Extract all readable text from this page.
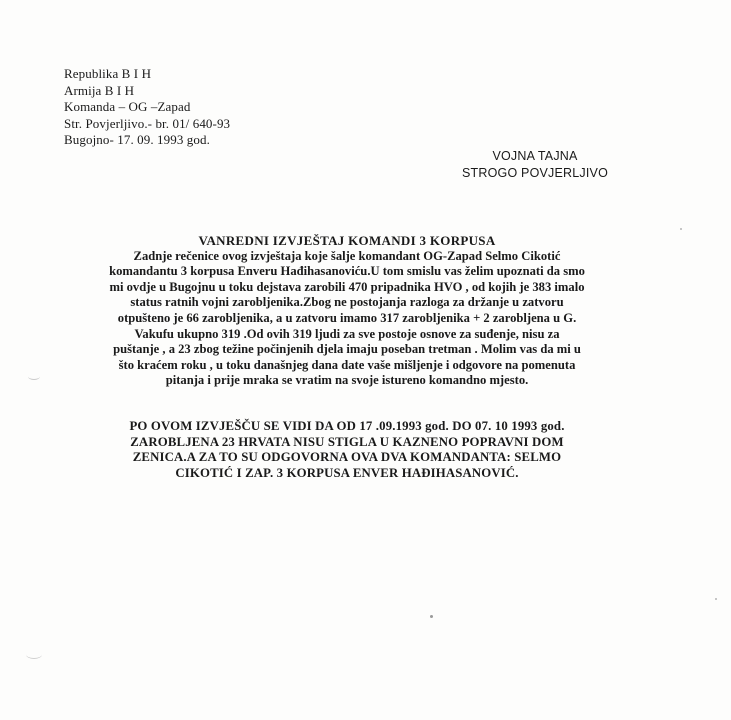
Republika B I H
Armija B I H
Komanda – OG –Zapad
Str. Povjerljivo.- br. 01/ 640-93
Bugojno- 17. 09. 1993 god.
VOJNA TAJNA
STROGO POVJERLJIVO
VANREDNI IZVJEŠTAJ KOMANDI 3 KORPUSA
Zadnje rečenice ovog izvještaja koje šalje komandant OG-Zapad Selmo Cikotić
komandantu 3 korpusa Enveru Hađihasanoviću.U tom smislu vas želim upoznati da smo
mi ovdje u Bugojnu u toku dejstava zarobili 470 pripadnika HVO , od kojih je 383 imalo
status ratnih vojni zarobljenika.Zbog ne postojanja razloga za držanje u zatvoru
otpušteno je 66 zarobljenika, a u zatvoru imamo 317 zarobljenika + 2 zarobljena u G.
Vakufu ukupno 319 .Od ovih 319 ljudi za sve postoje osnove za suđenje, nisu za
puštanje , a 23 zbog težine počinjenih djela imaju poseban tretman . Molim vas da mi u
što kraćem roku , u toku današnjeg dana date vaše mišljenje i odgovore na pomenuta
pitanja i prije mraka se vratim na svoje istureno komandno mjesto.
PO OVOM IZVJEŠČU SE VIDI DA OD 17 .09.1993 god. DO 07. 10 1993 god.
ZAROBLJENA 23 HRVATA NISU STIGLA U KAZNENO POPRAVNI DOM
ZENICA.A ZA TO SU ODGOVORNA OVA DVA KOMANDANTA: SELMO
CIKOTIĆ I ZAP. 3 KORPUSA ENVER HAĐIHASANOVIĆ.
